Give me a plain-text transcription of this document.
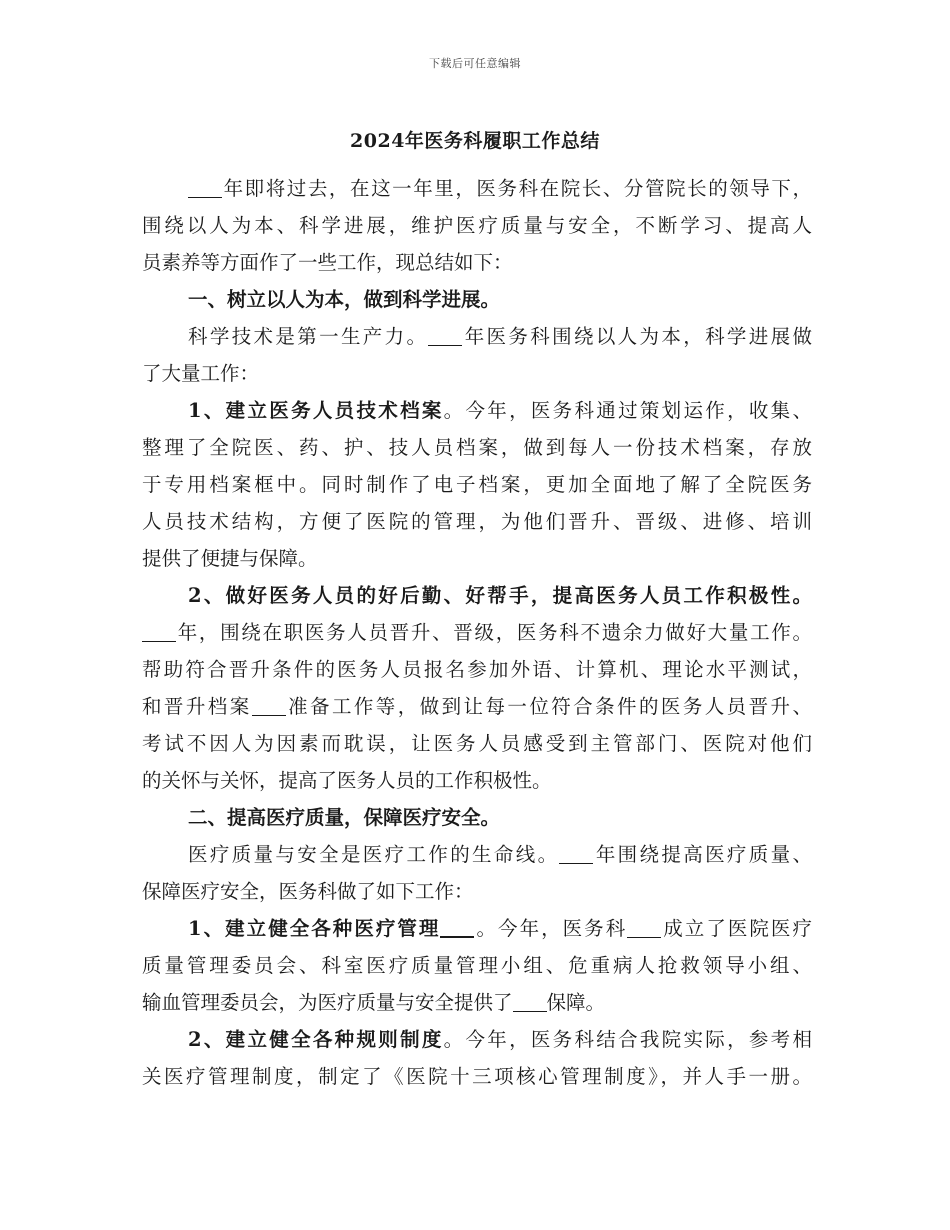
下载后可任意编辑
2024年医务科履职工作总结
年即将过去，在这一年里，医务科在院长、分管院长的领导下，
围绕以人为本、科学进展，维护医疗质量与安全，不断学习、提高人
员素养等方面作了一些工作，现总结如下：
一、树立以人为本，做到科学进展。
科学技术是第一生产力。 年医务科围绕以人为本，科学进展做
了大量工作：
1、建立医务人员技术档案。今年，医务科通过策划运作，收集、
整理了全院医、药、护、技人员档案，做到每人一份技术档案，存放
于专用档案框中。同时制作了电子档案，更加全面地了解了全院医务
人员技术结构，方便了医院的管理，为他们晋升、晋级、进修、培训
提供了便捷与保障。
2、做好医务人员的好后勤、好帮手，提高医务人员工作积极性。
年，围绕在职医务人员晋升、晋级，医务科不遗余力做好大量工作。
帮助符合晋升条件的医务人员报名参加外语、计算机、理论水平测试，
和晋升档案 准备工作等，做到让每一位符合条件的医务人员晋升、
考试不因人为因素而耽误，让医务人员感受到主管部门、医院对他们
的关怀与关怀，提高了医务人员的工作积极性。
二、提高医疗质量，保障医疗安全。
医疗质量与安全是医疗工作的生命线。 年围绕提高医疗质量、
保障医疗安全，医务科做了如下工作：
1、建立健全各种医疗管理 。今年，医务科 成立了医院医疗
质量管理委员会、科室医疗质量管理小组、危重病人抢救领导小组、
输血管理委员会，为医疗质量与安全提供了 保障。
2、建立健全各种规则制度。今年，医务科结合我院实际，参考相
关医疗管理制度，制定了《医院十三项核心管理制度》，并人手一册。
